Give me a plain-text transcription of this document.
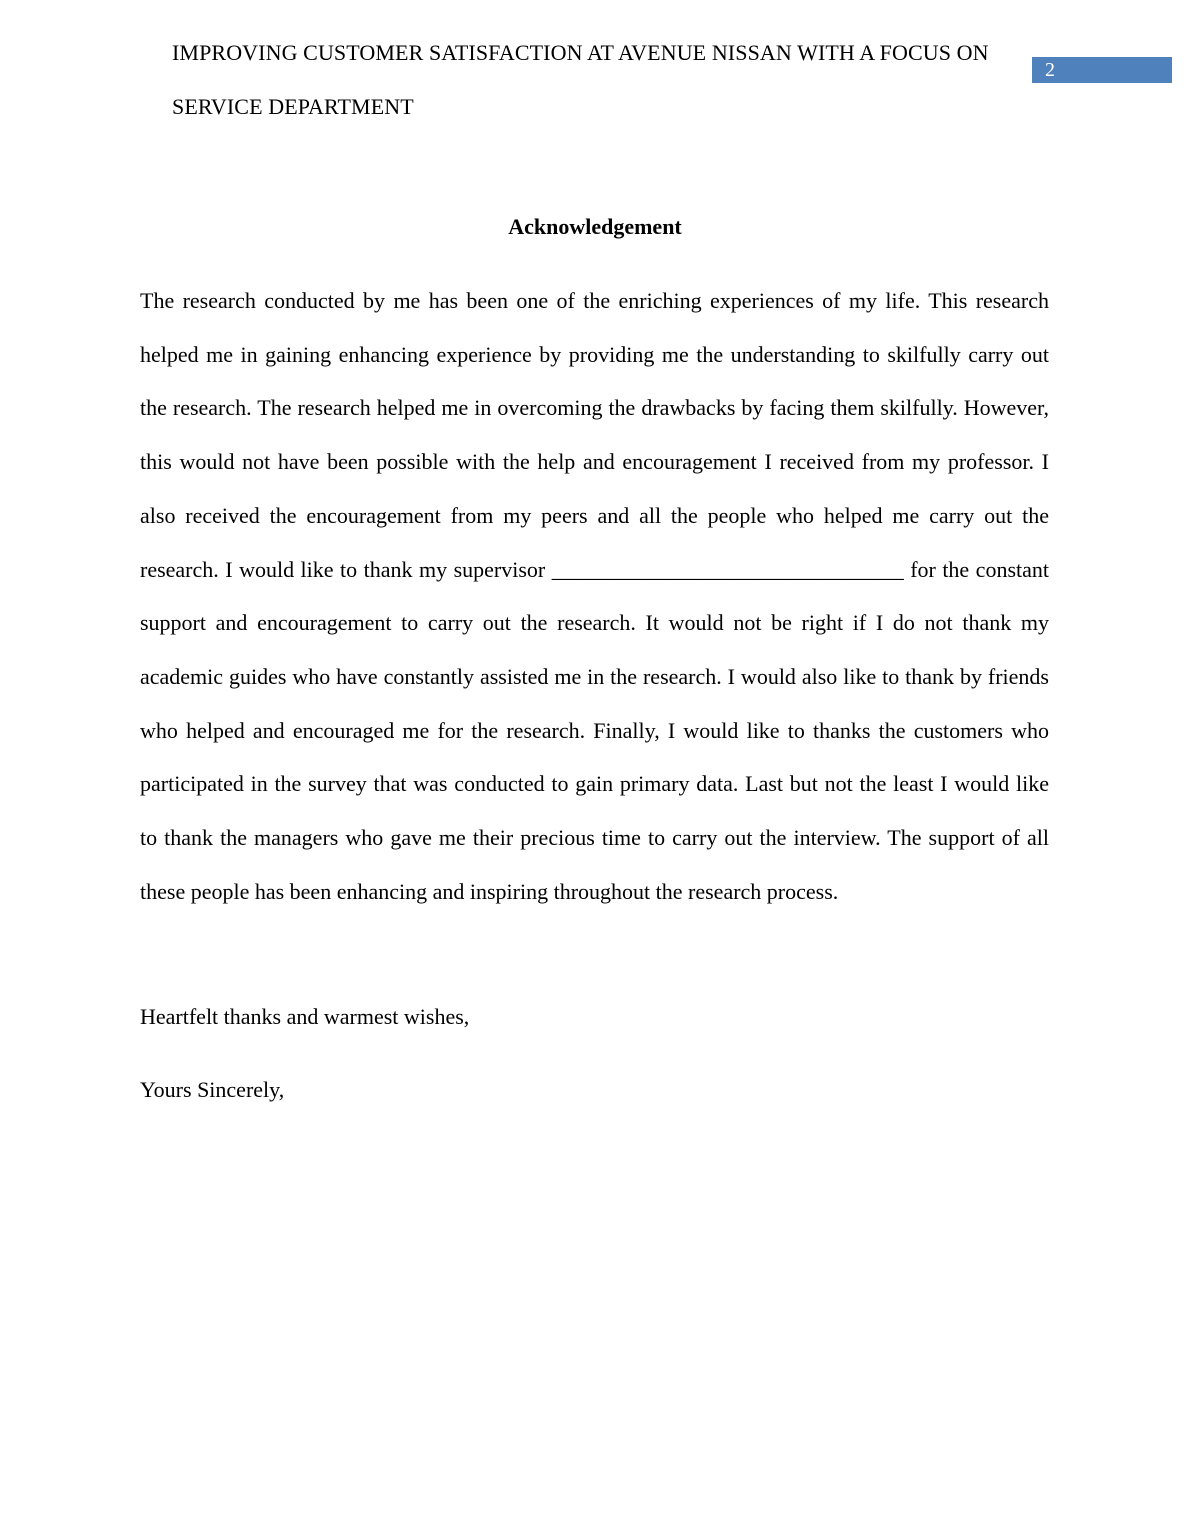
IMPROVING CUSTOMER SATISFACTION AT AVENUE NISSAN WITH A FOCUS ON SERVICE DEPARTMENT
2
Acknowledgement

The research conducted by me has been one of the enriching experiences of my life. This research helped me in gaining enhancing experience by providing me the understanding to skilfully carry out the research. The research helped me in overcoming the drawbacks by facing them skilfully. However, this would not have been possible with the help and encouragement I received from my professor. I also received the encouragement from my peers and all the people who helped me carry out the research. I would like to thank my supervisor ________________________________ for the constant support and encouragement to carry out the research. It would not be right if I do not thank my academic guides who have constantly assisted me in the research. I would also like to thank by friends who helped and encouraged me for the research. Finally, I would like to thanks the customers who participated in the survey that was conducted to gain primary data. Last but not the least I would like to thank the managers who gave me their precious time to carry out the interview. The support of all these people has been enhancing and inspiring throughout the research process.

Heartfelt thanks and warmest wishes,

Yours Sincerely,
